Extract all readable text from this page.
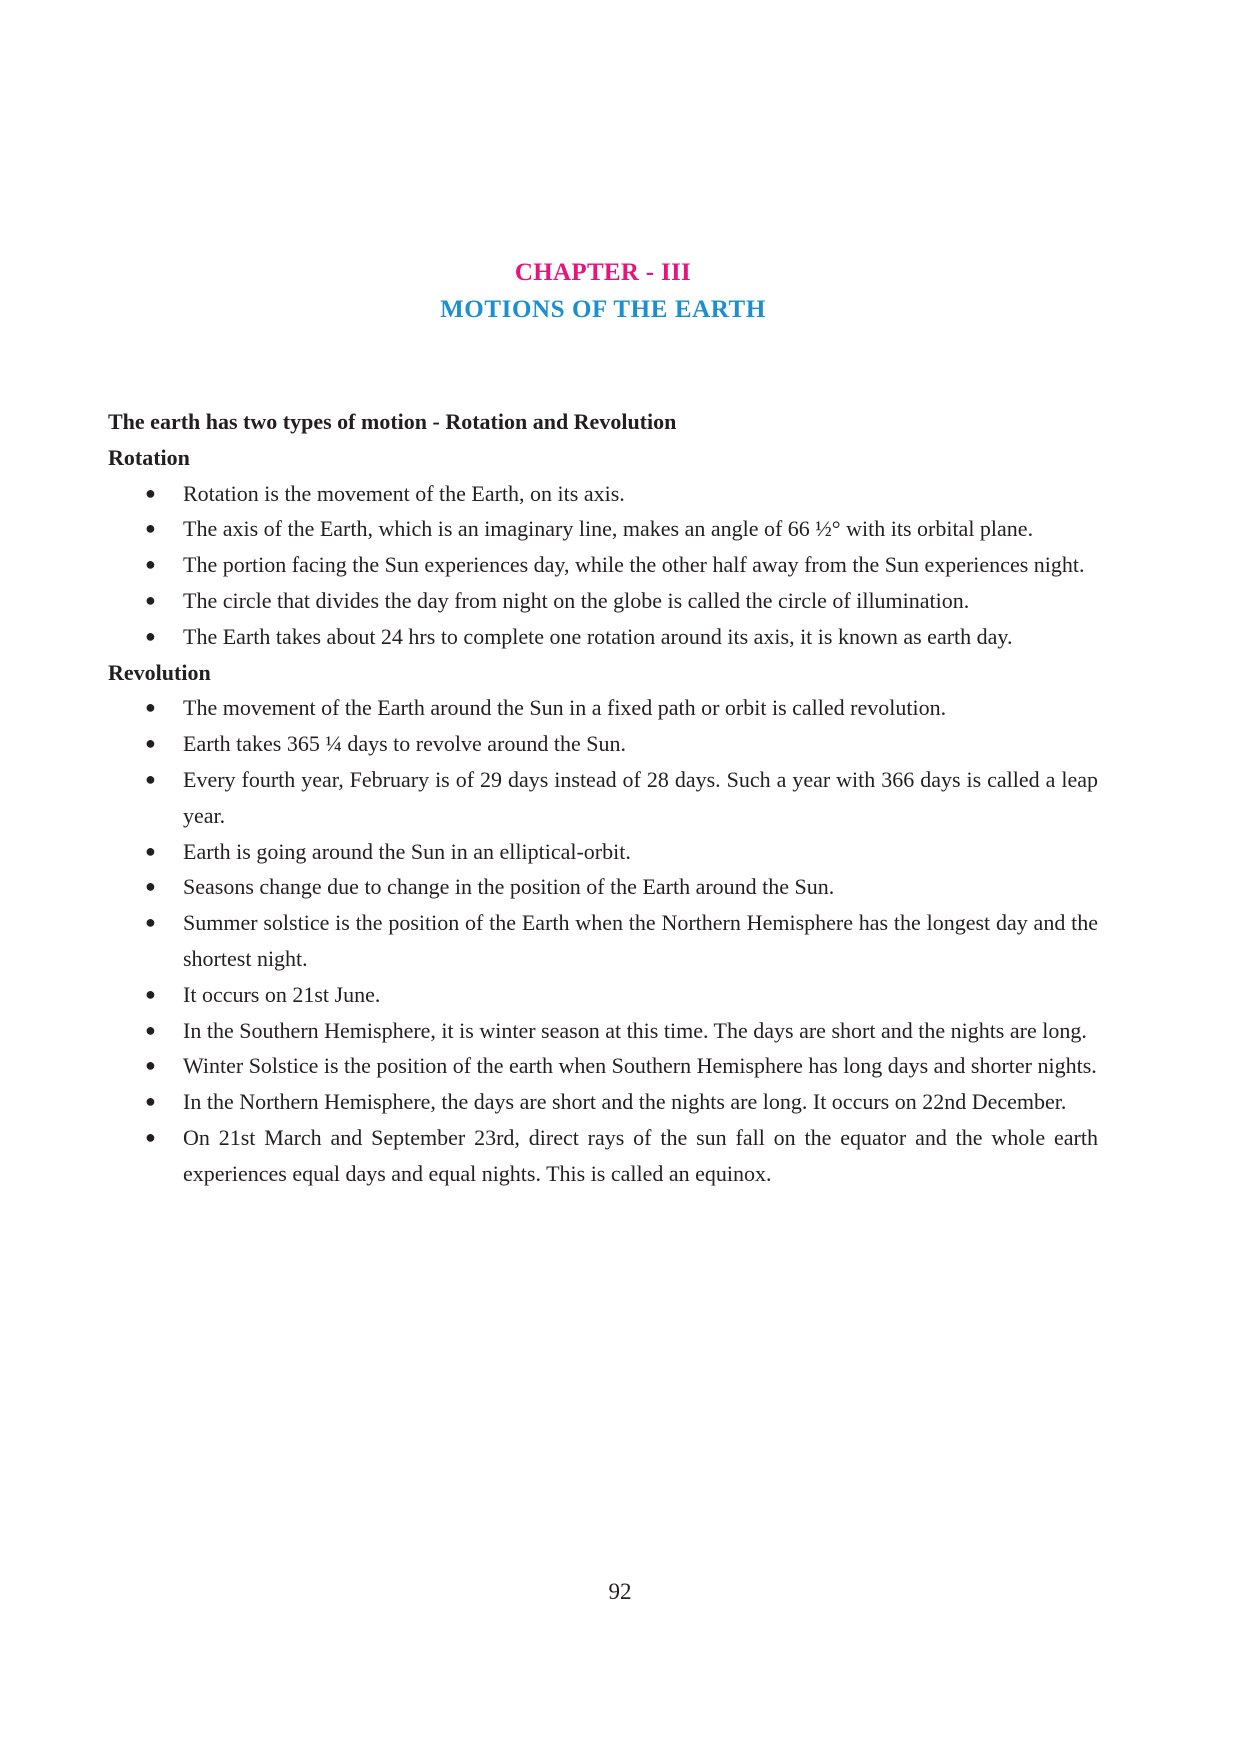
CHAPTER - III
MOTIONS OF THE EARTH

The earth has two types of motion - Rotation and Revolution

Rotation

● Rotation is the movement of the Earth, on its axis.
● The axis of the Earth, which is an imaginary line, makes an angle of 66 ½° with its orbital plane.
● The portion facing the Sun experiences day, while the other half away from the Sun experiences night.
● The circle that divides the day from night on the globe is called the circle of illumination.
● The Earth takes about 24 hrs to complete one rotation around its axis, it is known as earth day.

Revolution

● The movement of the Earth around the Sun in a fixed path or orbit is called revolution.
● Earth takes 365 ¼ days to revolve around the Sun.
● Every fourth year, February is of 29 days instead of 28 days. Such a year with 366 days is called a leap year.
● Earth is going around the Sun in an elliptical-orbit.
● Seasons change due to change in the position of the Earth around the Sun.
● Summer solstice is the position of the Earth when the Northern Hemisphere has the longest day and the shortest night.
● It occurs on 21st June.
● In the Southern Hemisphere, it is winter season at this time. The days are short and the nights are long.
● Winter Solstice is the position of the earth when Southern Hemisphere has long days and shorter nights.
● In the Northern Hemisphere, the days are short and the nights are long. It occurs on 22nd December.
● On 21st March and September 23rd, direct rays of the sun fall on the equator and the whole earth experiences equal days and equal nights. This is called an equinox.
92
